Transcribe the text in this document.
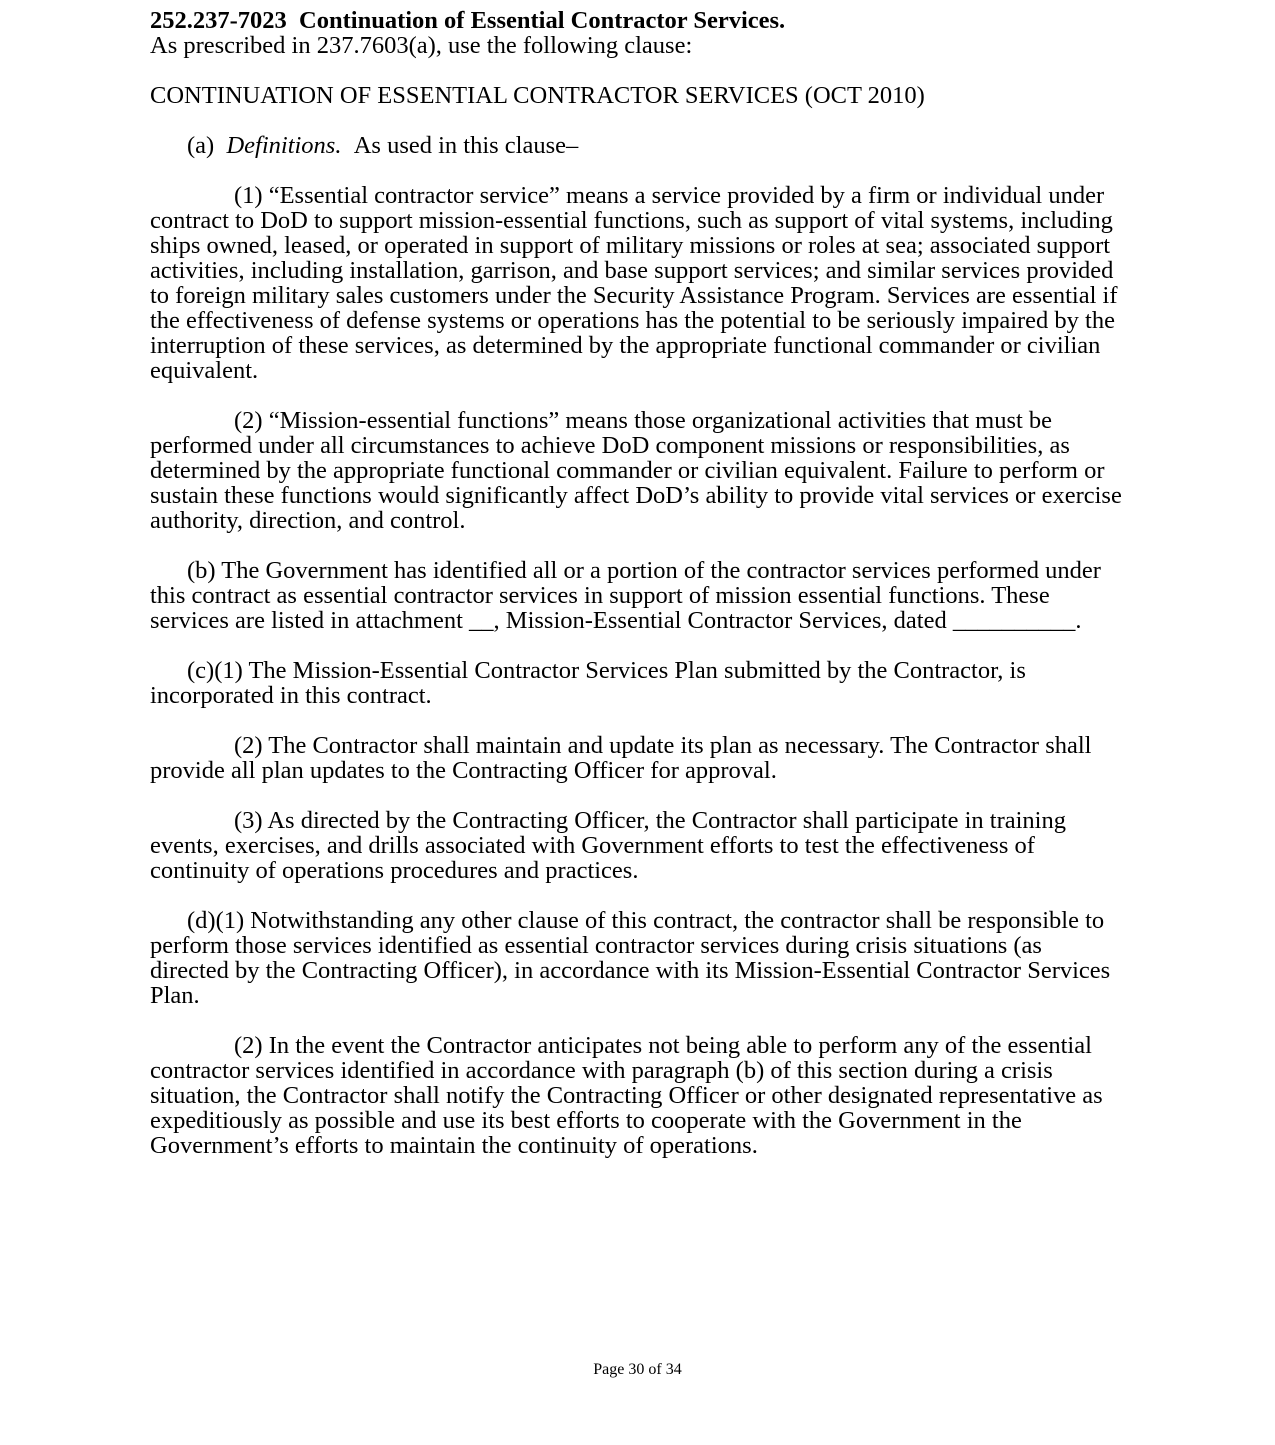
252.237-7023 Continuation of Essential Contractor Services.
As prescribed in 237.7603(a), use the following clause:
CONTINUATION OF ESSENTIAL CONTRACTOR SERVICES (OCT 2010)

(a) Definitions. As used in this clause–

(1) “Essential contractor service” means a service provided by a firm or individual under contract to DoD to support mission-essential functions, such as support of vital systems, including ships owned, leased, or operated in support of military missions or roles at sea; associated support activities, including installation, garrison, and base support services; and similar services provided to foreign military sales customers under the Security Assistance Program. Services are essential if the effectiveness of defense systems or operations has the potential to be seriously impaired by the interruption of these services, as determined by the appropriate functional commander or civilian equivalent.

(2) “Mission-essential functions” means those organizational activities that must be performed under all circumstances to achieve DoD component missions or responsibilities, as determined by the appropriate functional commander or civilian equivalent. Failure to perform or sustain these functions would significantly affect DoD’s ability to provide vital services or exercise authority, direction, and control.

(b) The Government has identified all or a portion of the contractor services performed under this contract as essential contractor services in support of mission essential functions. These services are listed in attachment __, Mission-Essential Contractor Services, dated __________.

(c)(1) The Mission-Essential Contractor Services Plan submitted by the Contractor, is incorporated in this contract.

(2) The Contractor shall maintain and update its plan as necessary. The Contractor shall provide all plan updates to the Contracting Officer for approval.

(3) As directed by the Contracting Officer, the Contractor shall participate in training events, exercises, and drills associated with Government efforts to test the effectiveness of continuity of operations procedures and practices.

(d)(1) Notwithstanding any other clause of this contract, the contractor shall be responsible to perform those services identified as essential contractor services during crisis situations (as directed by the Contracting Officer), in accordance with its Mission-Essential Contractor Services Plan.

(2) In the event the Contractor anticipates not being able to perform any of the essential contractor services identified in accordance with paragraph (b) of this section during a crisis situation, the Contractor shall notify the Contracting Officer or other designated representative as expeditiously as possible and use its best efforts to cooperate with the Government in the Government’s efforts to maintain the continuity of operations.

Page 30 of 34
